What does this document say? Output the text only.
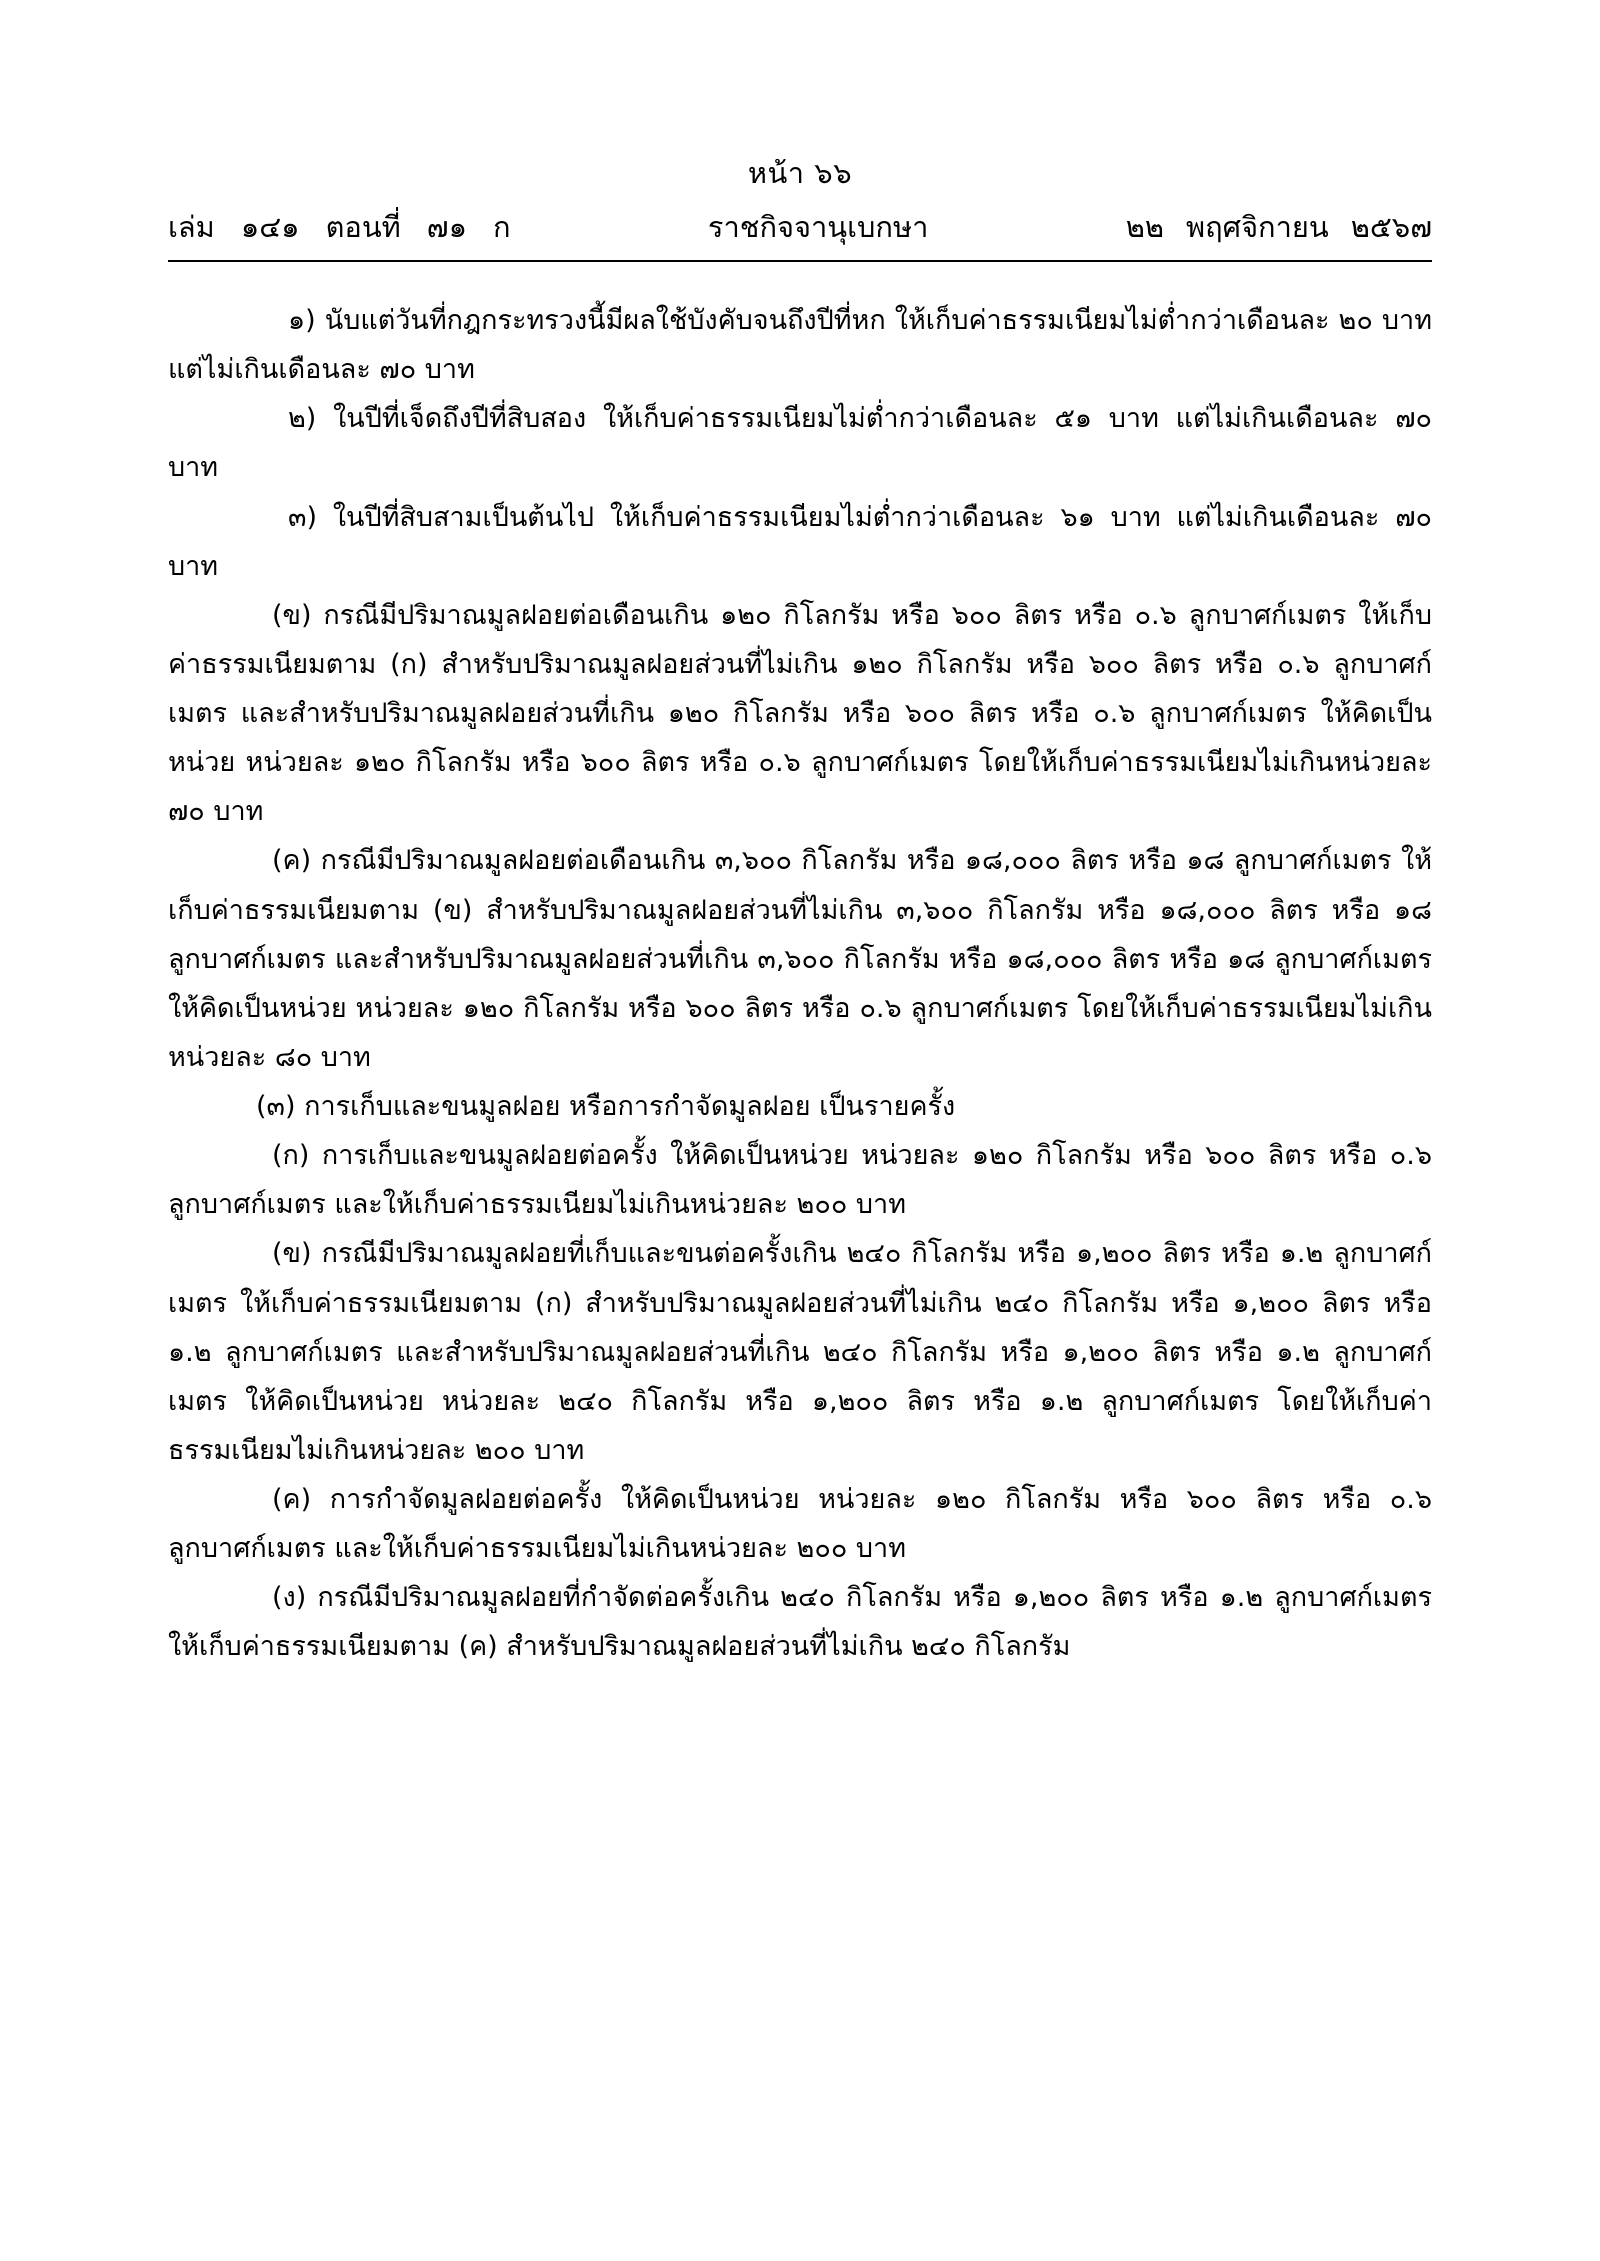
หน้า ๖๖
เล่ม ๑๔๑ ตอนที่ ๗๑ ก	ราชกิจจานุเบกษา	๒๒ พฤศจิกายน ๒๕๖๗

๑) นับแต่วันที่กฎกระทรวงนี้มีผลใช้บังคับจนถึงปีที่หก ให้เก็บค่าธรรมเนียมไม่ต่ำกว่าเดือนละ ๒๐ บาท แต่ไม่เกินเดือนละ ๗๐ บาท

๒) ในปีที่เจ็ดถึงปีที่สิบสอง ให้เก็บค่าธรรมเนียมไม่ต่ำกว่าเดือนละ ๕๑ บาท แต่ไม่เกินเดือนละ ๗๐ บาท

๓) ในปีที่สิบสามเป็นต้นไป ให้เก็บค่าธรรมเนียมไม่ต่ำกว่าเดือนละ ๖๑ บาท แต่ไม่เกินเดือนละ ๗๐ บาท

(ข) กรณีมีปริมาณมูลฝอยต่อเดือนเกิน ๑๒๐ กิโลกรัม หรือ ๖๐๐ ลิตร หรือ ๐.๖ ลูกบาศก์เมตร ให้เก็บค่าธรรมเนียมตาม (ก) สำหรับปริมาณมูลฝอยส่วนที่ไม่เกิน ๑๒๐ กิโลกรัม หรือ ๖๐๐ ลิตร หรือ ๐.๖ ลูกบาศก์เมตร และสำหรับปริมาณมูลฝอยส่วนที่เกิน ๑๒๐ กิโลกรัม หรือ ๖๐๐ ลิตร หรือ ๐.๖ ลูกบาศก์เมตร ให้คิดเป็นหน่วย หน่วยละ ๑๒๐ กิโลกรัม หรือ ๖๐๐ ลิตร หรือ ๐.๖ ลูกบาศก์เมตร โดยให้เก็บค่าธรรมเนียมไม่เกินหน่วยละ ๗๐ บาท

(ค) กรณีมีปริมาณมูลฝอยต่อเดือนเกิน ๓,๖๐๐ กิโลกรัม หรือ ๑๘,๐๐๐ ลิตร หรือ ๑๘ ลูกบาศก์เมตร ให้เก็บค่าธรรมเนียมตาม (ข) สำหรับปริมาณมูลฝอยส่วนที่ไม่เกิน ๓,๖๐๐ กิโลกรัม หรือ ๑๘,๐๐๐ ลิตร หรือ ๑๘ ลูกบาศก์เมตร และสำหรับปริมาณมูลฝอยส่วนที่เกิน ๓,๖๐๐ กิโลกรัม หรือ ๑๘,๐๐๐ ลิตร หรือ ๑๘ ลูกบาศก์เมตร ให้คิดเป็นหน่วย หน่วยละ ๑๒๐ กิโลกรัม หรือ ๖๐๐ ลิตร หรือ ๐.๖ ลูกบาศก์เมตร โดยให้เก็บค่าธรรมเนียมไม่เกินหน่วยละ ๘๐ บาท

(๓) การเก็บและขนมูลฝอย หรือการกำจัดมูลฝอย เป็นรายครั้ง

(ก) การเก็บและขนมูลฝอยต่อครั้ง ให้คิดเป็นหน่วย หน่วยละ ๑๒๐ กิโลกรัม หรือ ๖๐๐ ลิตร หรือ ๐.๖ ลูกบาศก์เมตร และให้เก็บค่าธรรมเนียมไม่เกินหน่วยละ ๒๐๐ บาท

(ข) กรณีมีปริมาณมูลฝอยที่เก็บและขนต่อครั้งเกิน ๒๔๐ กิโลกรัม หรือ ๑,๒๐๐ ลิตร หรือ ๑.๒ ลูกบาศก์เมตร ให้เก็บค่าธรรมเนียมตาม (ก) สำหรับปริมาณมูลฝอยส่วนที่ไม่เกิน ๒๔๐ กิโลกรัม หรือ ๑,๒๐๐ ลิตร หรือ ๑.๒ ลูกบาศก์เมตร และสำหรับปริมาณมูลฝอยส่วนที่เกิน ๒๔๐ กิโลกรัม หรือ ๑,๒๐๐ ลิตร หรือ ๑.๒ ลูกบาศก์เมตร ให้คิดเป็นหน่วย หน่วยละ ๒๔๐ กิโลกรัม หรือ ๑,๒๐๐ ลิตร หรือ ๑.๒ ลูกบาศก์เมตร โดยให้เก็บค่าธรรมเนียมไม่เกินหน่วยละ ๒๐๐ บาท

(ค) การกำจัดมูลฝอยต่อครั้ง ให้คิดเป็นหน่วย หน่วยละ ๑๒๐ กิโลกรัม หรือ ๖๐๐ ลิตร หรือ ๐.๖ ลูกบาศก์เมตร และให้เก็บค่าธรรมเนียมไม่เกินหน่วยละ ๒๐๐ บาท

(ง) กรณีมีปริมาณมูลฝอยที่กำจัดต่อครั้งเกิน ๒๔๐ กิโลกรัม หรือ ๑,๒๐๐ ลิตร หรือ ๑.๒ ลูกบาศก์เมตร ให้เก็บค่าธรรมเนียมตาม (ค) สำหรับปริมาณมูลฝอยส่วนที่ไม่เกิน ๒๔๐ กิโลกรัม
